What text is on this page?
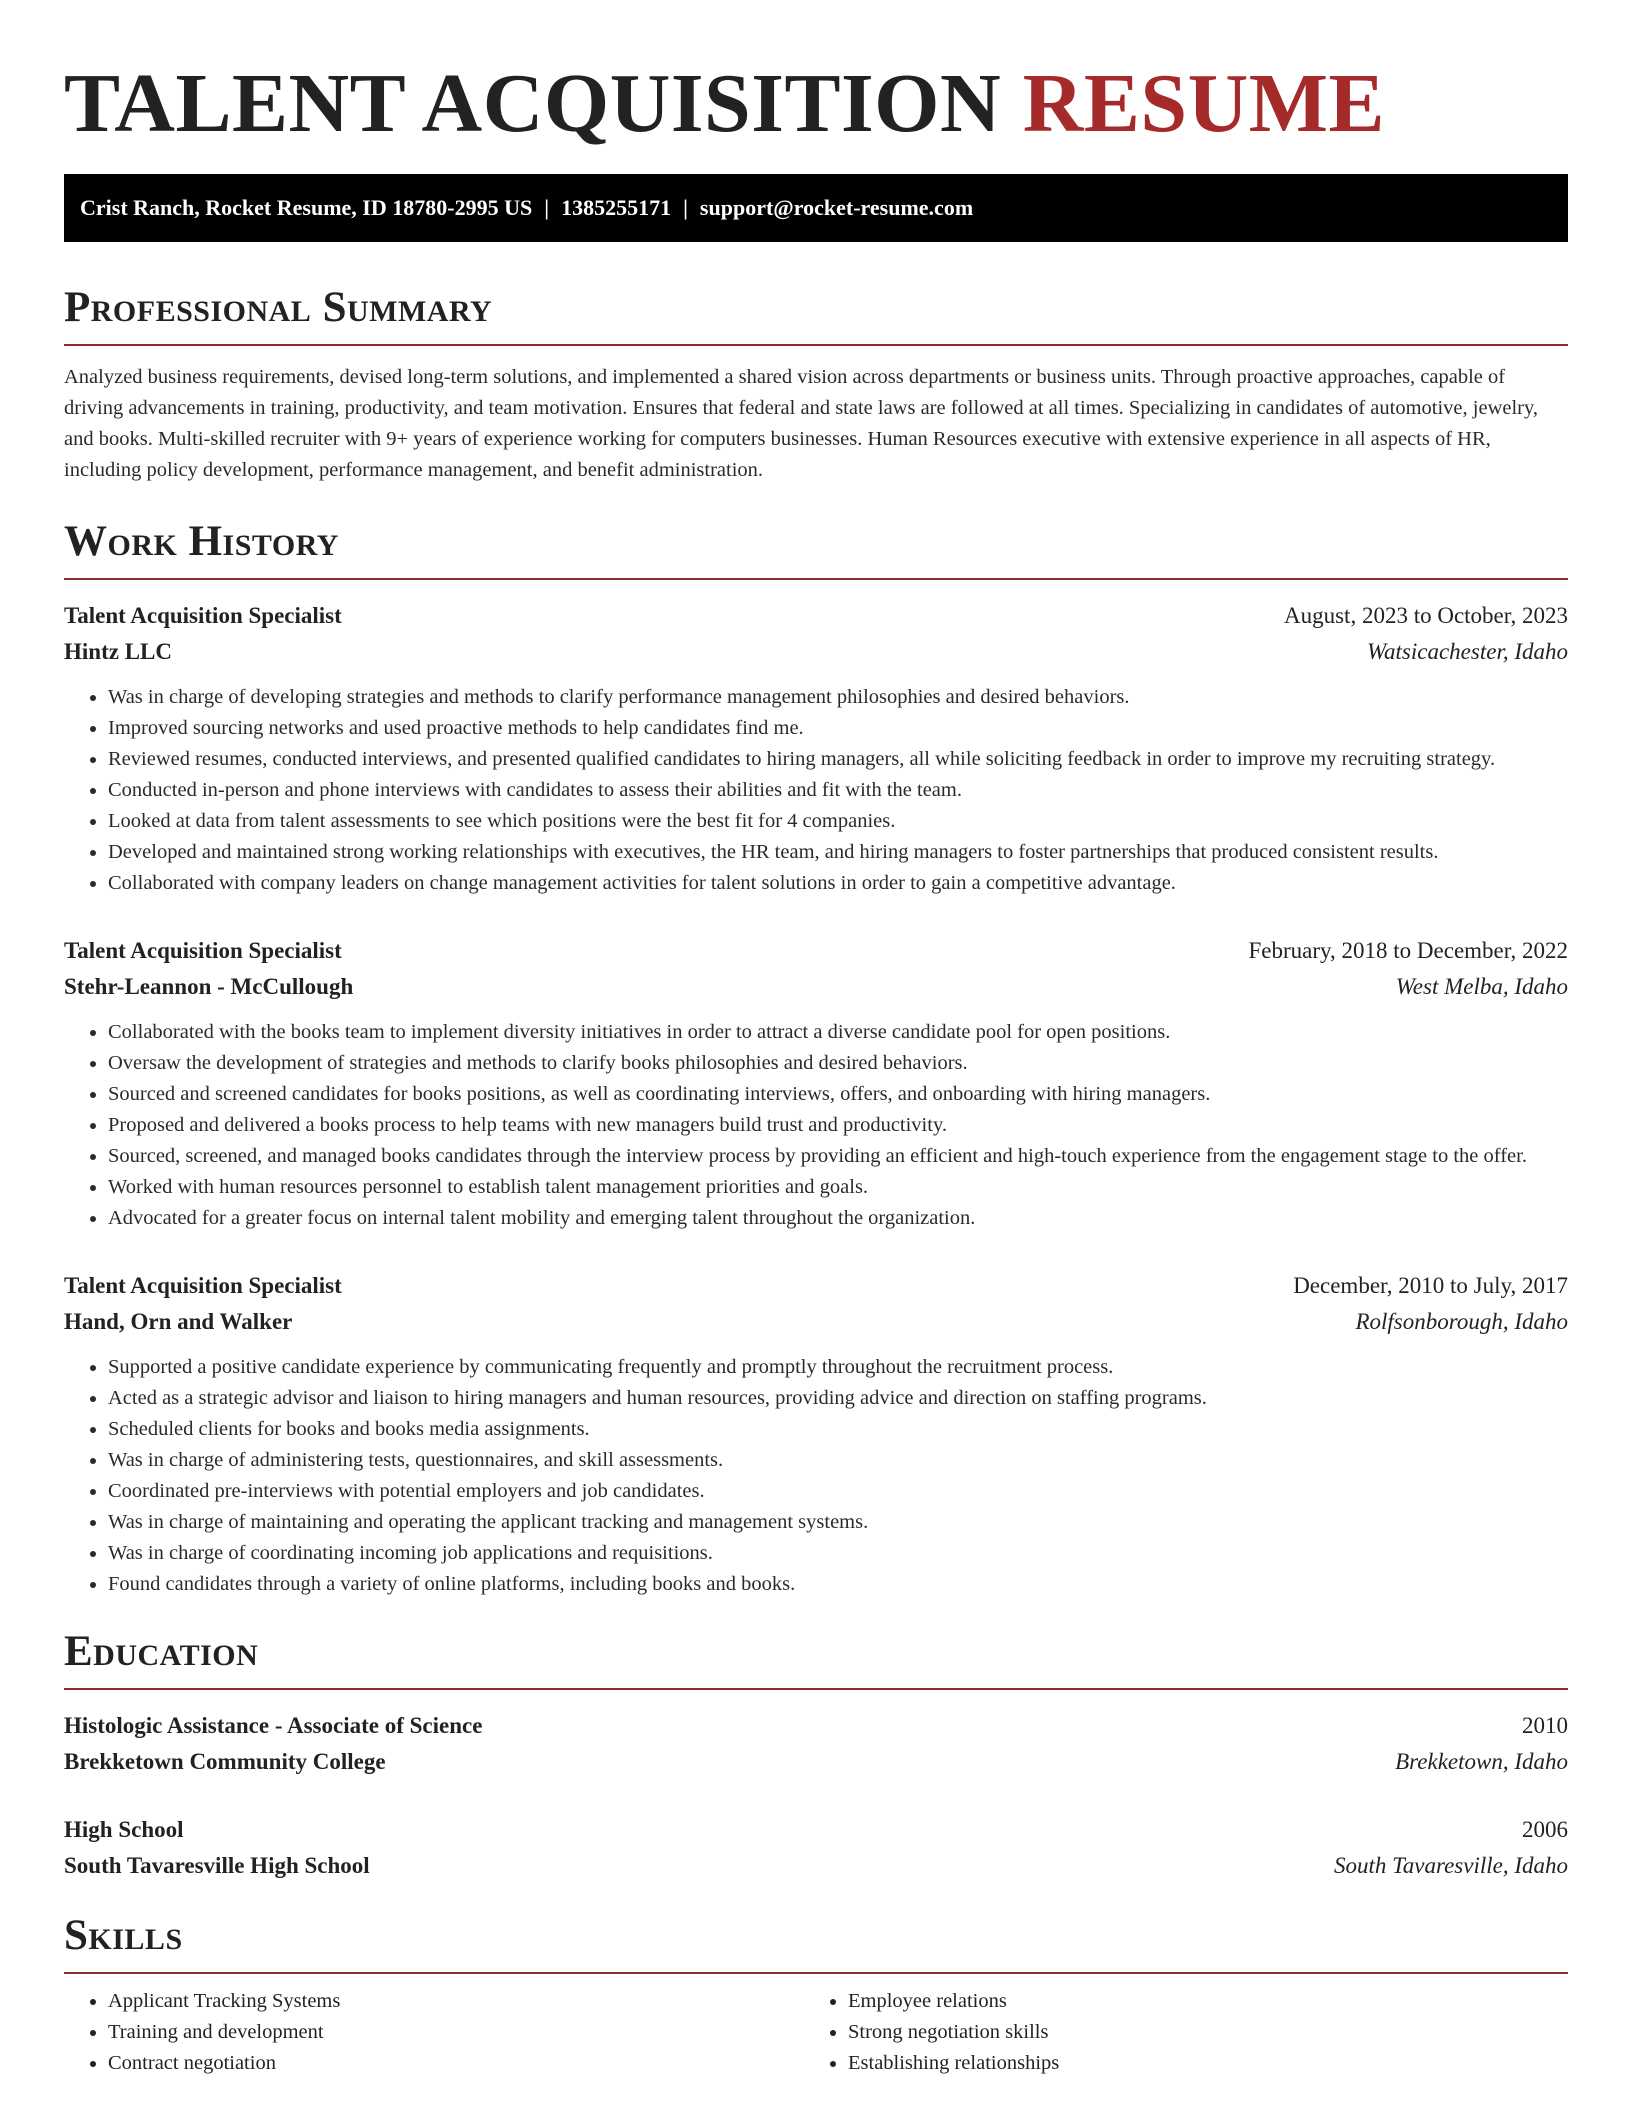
TALENT ACQUISITION RESUME
Crist Ranch, Rocket Resume, ID 18780-2995 US | 1385255171 | support@rocket-resume.com
Professional Summary
Analyzed business requirements, devised long-term solutions, and implemented a shared vision across departments or business units. Through proactive approaches, capable of driving advancements in training, productivity, and team motivation. Ensures that federal and state laws are followed at all times. Specializing in candidates of automotive, jewelry, and books. Multi-skilled recruiter with 9+ years of experience working for computers businesses. Human Resources executive with extensive experience in all aspects of HR, including policy development, performance management, and benefit administration.
Work History
Talent Acquisition Specialist	August, 2023 to October, 2023
Hintz LLC	Watsicachester, Idaho
• Was in charge of developing strategies and methods to clarify performance management philosophies and desired behaviors.
• Improved sourcing networks and used proactive methods to help candidates find me.
• Reviewed resumes, conducted interviews, and presented qualified candidates to hiring managers, all while soliciting feedback in order to improve my recruiting strategy.
• Conducted in-person and phone interviews with candidates to assess their abilities and fit with the team.
• Looked at data from talent assessments to see which positions were the best fit for 4 companies.
• Developed and maintained strong working relationships with executives, the HR team, and hiring managers to foster partnerships that produced consistent results.
• Collaborated with company leaders on change management activities for talent solutions in order to gain a competitive advantage.
Talent Acquisition Specialist	February, 2018 to December, 2022
Stehr-Leannon - McCullough	West Melba, Idaho
• Collaborated with the books team to implement diversity initiatives in order to attract a diverse candidate pool for open positions.
• Oversaw the development of strategies and methods to clarify books philosophies and desired behaviors.
• Sourced and screened candidates for books positions, as well as coordinating interviews, offers, and onboarding with hiring managers.
• Proposed and delivered a books process to help teams with new managers build trust and productivity.
• Sourced, screened, and managed books candidates through the interview process by providing an efficient and high-touch experience from the engagement stage to the offer.
• Worked with human resources personnel to establish talent management priorities and goals.
• Advocated for a greater focus on internal talent mobility and emerging talent throughout the organization.
Talent Acquisition Specialist	December, 2010 to July, 2017
Hand, Orn and Walker	Rolfsonborough, Idaho
• Supported a positive candidate experience by communicating frequently and promptly throughout the recruitment process.
• Acted as a strategic advisor and liaison to hiring managers and human resources, providing advice and direction on staffing programs.
• Scheduled clients for books and books media assignments.
• Was in charge of administering tests, questionnaires, and skill assessments.
• Coordinated pre-interviews with potential employers and job candidates.
• Was in charge of maintaining and operating the applicant tracking and management systems.
• Was in charge of coordinating incoming job applications and requisitions.
• Found candidates through a variety of online platforms, including books and books.
Education
Histologic Assistance - Associate of Science	2010
Brekketown Community College	Brekketown, Idaho
High School	2006
South Tavaresville High School	South Tavaresville, Idaho
Skills
• Applicant Tracking Systems
• Training and development
• Contract negotiation
• Employee relations
• Strong negotiation skills
• Establishing relationships
